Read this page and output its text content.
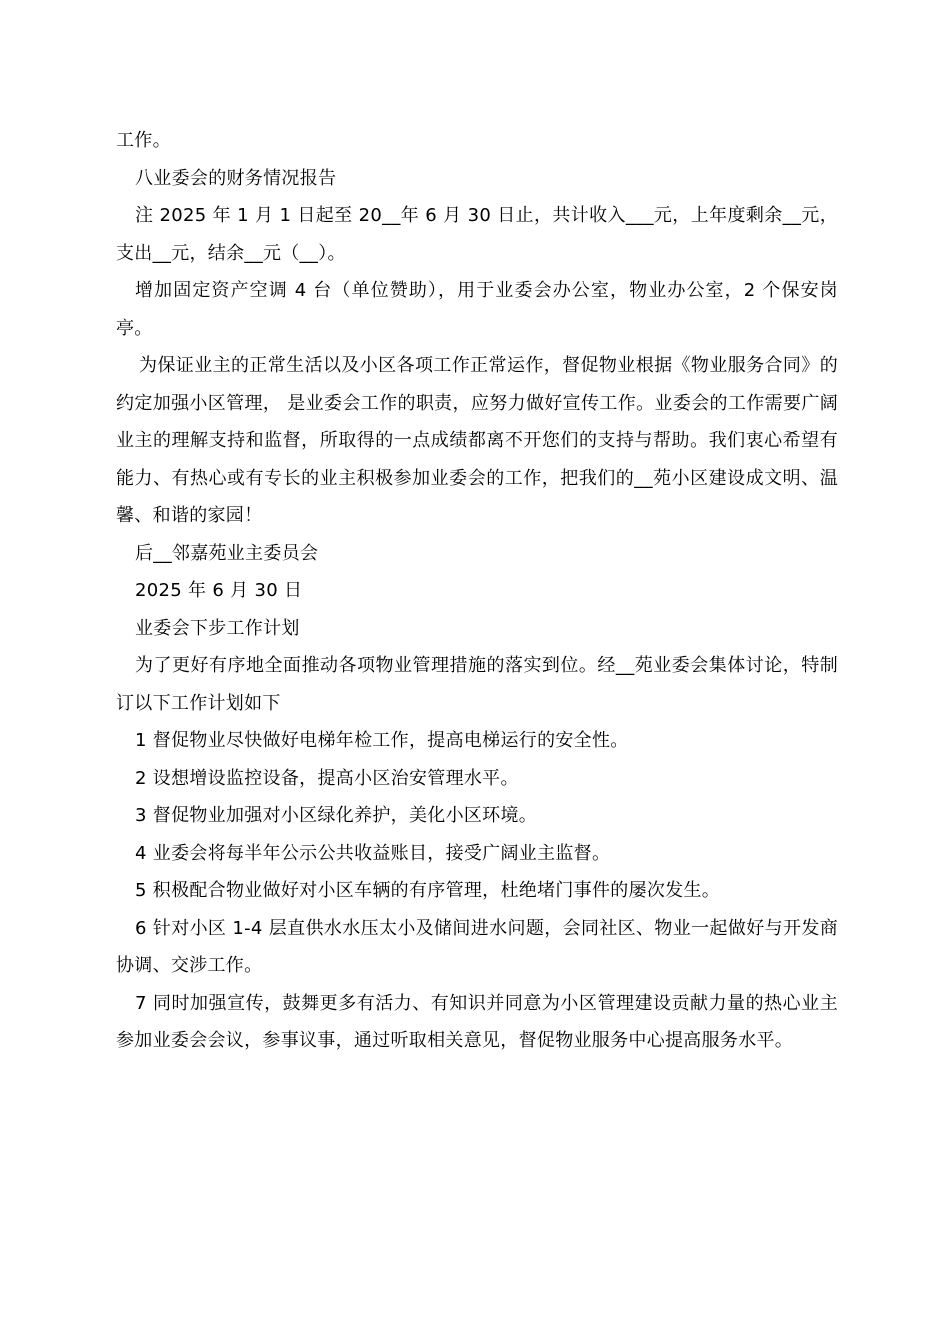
工作。

八业委会的财务情况报告

注 2025 年 1 月 1 日起至 20__年 6 月 30 日止，共计收入___元，上年度剩余__元，支出__元，结余__元（__）。

增加固定资产空调 4 台（单位赞助），用于业委会办公室，物业办公室，2 个保安岗亭。

为保证业主的正常生活以及小区各项工作正常运作，督促物业根据《物业服务合同》的约定加强小区管理， 是业委会工作的职责，应努力做好宣传工作。业委会的工作需要广阔业主的理解支持和监督，所取得的一点成绩都离不开您们的支持与帮助。我们衷心希望有能力、有热心或有专长的业主积极参加业委会的工作，把我们的__苑小区建设成文明、温馨、和谐的家园！

后__邻嘉苑业主委员会

2025 年 6 月 30 日

业委会下步工作计划

为了更好有序地全面推动各项物业管理措施的落实到位。经__苑业委会集体讨论，特制订以下工作计划如下

1 督促物业尽快做好电梯年检工作，提高电梯运行的安全性。

2 设想增设监控设备，提高小区治安管理水平。

3 督促物业加强对小区绿化养护，美化小区环境。

4 业委会将每半年公示公共收益账目，接受广阔业主监督。

5 积极配合物业做好对小区车辆的有序管理，杜绝堵门事件的屡次发生。

6 针对小区 1-4 层直供水水压太小及储间进水问题，会同社区、物业一起做好与开发商协调、交涉工作。

7 同时加强宣传，鼓舞更多有活力、有知识并同意为小区管理建设贡献力量的热心业主参加业委会会议，参事议事，通过听取相关意见，督促物业服务中心提高服务水平。
